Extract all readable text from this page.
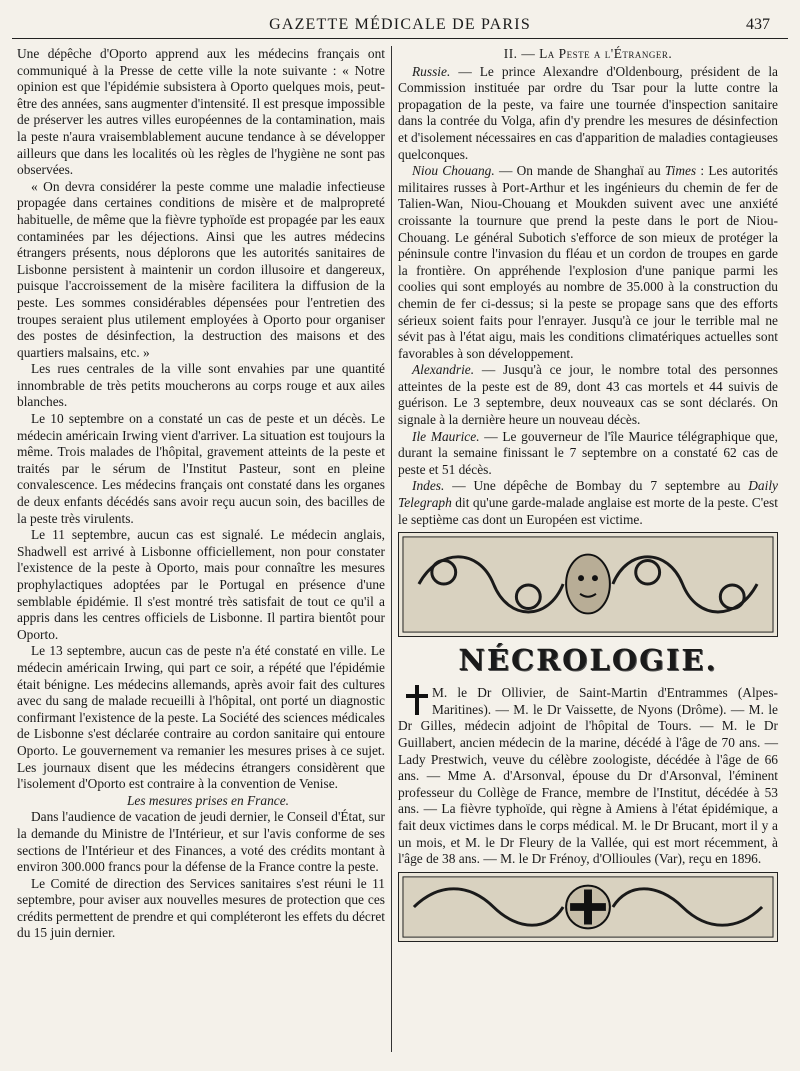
GAZETTE MÉDICALE DE PARIS	437

Une dépêche d'Oporto apprend aux les médecins français ont communiqué à la Presse de cette ville la note suivante : « Notre opinion est que l'épidémie subsistera à Oporto quelques mois, peut-être des années, sans augmenter d'intensité. Il est presque impossible de préserver les autres villes européennes de la contamination, mais la peste n'aura vraisemblablement aucune tendance à se développer ailleurs que dans les localités où les règles de l'hygiène ne sont pas observées.

« On devra considérer la peste comme une maladie infectieuse propagée dans certaines conditions de misère et de malpropreté habituelle, de même que la fièvre typhoïde est propagée par les eaux contaminées par les déjections. Ainsi que les autres médecins étrangers présents, nous déplorons que les autorités sanitaires de Lisbonne persistent à maintenir un cordon illusoire et dangereux, puisque l'accroissement de la misère facilitera la diffusion de la peste. Les sommes considérables dépensées pour l'entretien des troupes seraient plus utilement employées à Oporto pour organiser des postes de désinfection, la destruction des maisons et des quartiers malsains, etc. »

Les rues centrales de la ville sont envahies par une quantité innombrable de très petits moucherons au corps rouge et aux ailes blanches.

Le 10 septembre on a constaté un cas de peste et un décès. Le médecin américain Irwing vient d'arriver. La situation est toujours la même. Trois malades de l'hôpital, gravement atteints de la peste et traités par le sérum de l'Institut Pasteur, sont en pleine convalescence. Les médecins français ont constaté dans les organes de deux enfants décédés sans avoir reçu aucun soin, des bacilles de la peste très virulents.

Le 11 septembre, aucun cas est signalé. Le médecin anglais, Shadwell est arrivé à Lisbonne officiellement, non pour constater l'existence de la peste à Oporto, mais pour connaître les mesures prophylactiques adoptées par le Portugal en présence d'une semblable épidémie. Il s'est montré très satisfait de tout ce qu'il a appris dans les centres officiels de Lisbonne. Il partira bientôt pour Oporto.

Le 13 septembre, aucun cas de peste n'a été constaté en ville. Le médecin américain Irwing, qui part ce soir, a répété que l'épidémie était bénigne. Les médecins allemands, après avoir fait des cultures avec du sang de malade recueilli à l'hôpital, ont porté un diagnostic confirmant l'existence de la peste. La Société des sciences médicales de Lisbonne s'est déclarée contraire au cordon sanitaire qui entoure Oporto. Le gouvernement va remanier les mesures prises à ce sujet. Les journaux disent que les médecins étrangers considèrent que l'isolement d'Oporto est contraire à la convention de Venise.

Les mesures prises en France.

Dans l'audience de vacation de jeudi dernier, le Conseil d'État, sur la demande du Ministre de l'Intérieur, et sur l'avis conforme de ses sections de l'Intérieur et des Finances, a voté des crédits montant à environ 300.000 francs pour la défense de la France contre la peste.

Le Comité de direction des Services sanitaires s'est réuni le 11 septembre, pour aviser aux nouvelles mesures de protection que ces crédits permettent de prendre et qui compléteront les effets du décret du 15 juin dernier.

II. — La Peste a l'Étranger.

Russie. — Le prince Alexandre d'Oldenbourg, président de la Commission instituée par ordre du Tsar pour la lutte contre la propagation de la peste, va faire une tournée d'inspection sanitaire dans la contrée du Volga, afin d'y prendre les mesures de désinfection et d'isolement nécessaires en cas d'apparition de maladies contagieuses quelconques.

Niou Chouang. — On mande de Shanghaï au Times : Les autorités militaires russes à Port-Arthur et les ingénieurs du chemin de fer de Talien-Wan, Niou-Chouang et Moukden suivent avec une anxiété croissante la tournure que prend la peste dans le port de Niou-Chouang. Le général Subotich s'efforce de son mieux de protéger la péninsule contre l'invasion du fléau et un cordon de troupes en garde la frontière. On appréhende l'explosion d'une panique parmi les coolies qui sont employés au nombre de 35.000 à la construction du chemin de fer ci-dessus; si la peste se propage sans que des efforts sérieux soient faits pour l'enrayer. Jusqu'à ce jour le terrible mal ne sévit pas à l'état aigu, mais les conditions climatériques actuelles sont favorables à son développement.

Alexandrie. — Jusqu'à ce jour, le nombre total des personnes atteintes de la peste est de 89, dont 43 cas mortels et 44 suivis de guérison. Le 3 septembre, deux nouveaux cas se sont déclarés. On signale à la dernière heure un nouveau décès.

Ile Maurice. — Le gouverneur de l'île Maurice télégraphique que, durant la semaine finissant le 7 septembre on a constaté 62 cas de peste et 51 décès.

Indes. — Une dépêche de Bombay du 7 septembre au Daily Telegraph dit qu'une garde-malade anglaise est morte de la peste. C'est le septième cas dont un Européen est victime.

NÉCROLOGIE.

M. le Dr Ollivier, de Saint-Martin d'Entrammes (Alpes-Maritines). — M. le Dr Vaissette, de Nyons (Drôme). — M. le Dr Gilles, médecin adjoint de l'hôpital de Tours. — M. le Dr Guillabert, ancien médecin de la marine, décédé à l'âge de 70 ans. — Lady Prestwich, veuve du célèbre zoologiste, décédée à l'âge de 66 ans. — Mme A. d'Arsonval, épouse du Dr d'Arsonval, l'éminent professeur du Collège de France, membre de l'Institut, décédée à 53 ans. — La fièvre typhoïde, qui règne à Amiens à l'état épidémique, a fait deux victimes dans le corps médical. M. le Dr Brucant, mort il y a un mois, et M. le Dr Fleury de la Vallée, qui est mort récemment, à l'âge de 38 ans. — M. le Dr Frénoy, d'Ollioules (Var), reçu en 1896.
